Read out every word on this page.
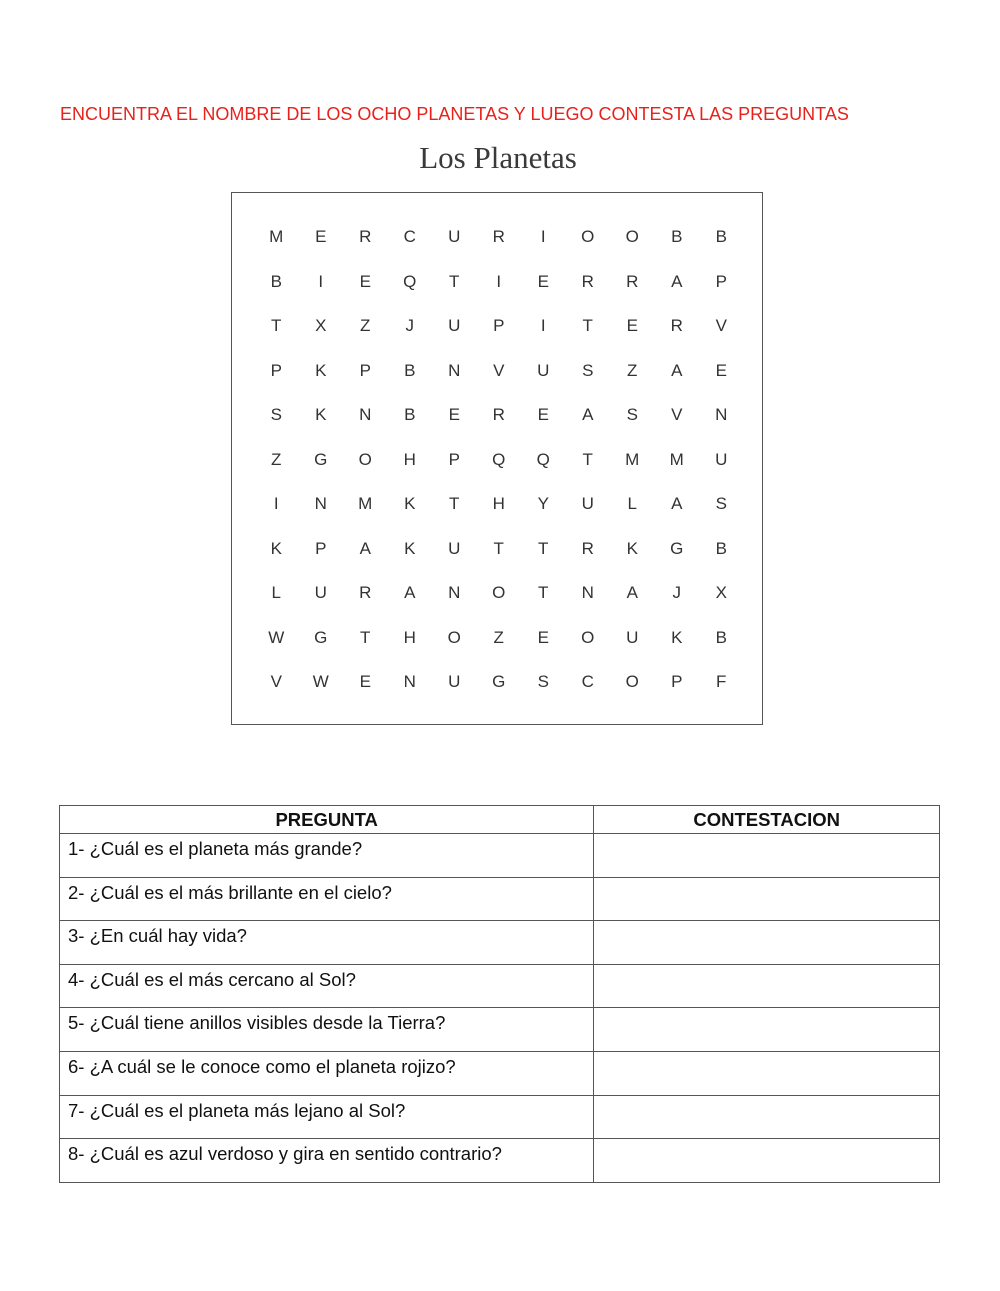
ENCUENTRA EL NOMBRE DE LOS OCHO PLANETAS Y LUEGO CONTESTA LAS PREGUNTAS
Los Planetas
M	E	R	C	U	R	I	O	O	B	B
B	I	E	Q	T	I	E	R	R	A	P
T	X	Z	J	U	P	I	T	E	R	V
P	K	P	B	N	V	U	S	Z	A	E
S	K	N	B	E	R	E	A	S	V	N
Z	G	O	H	P	Q	Q	T	M	M	U
I	N	M	K	T	H	Y	U	L	A	S
K	P	A	K	U	T	T	R	K	G	B
L	U	R	A	N	O	T	N	A	J	X
W	G	T	H	O	Z	E	O	U	K	B
V	W	E	N	U	G	S	C	O	P	F
PREGUNTA	CONTESTACION
1- ¿Cuál es el planeta más grande?	
2- ¿Cuál es el más brillante en el cielo?	
3- ¿En cuál hay vida?	
4- ¿Cuál es el más cercano al Sol?	
5- ¿Cuál tiene anillos visibles desde la Tierra?	
6- ¿A cuál se le conoce como el planeta rojizo?	
7- ¿Cuál es el planeta más lejano al Sol?	
8- ¿Cuál es azul verdoso y gira en sentido contrario?	
